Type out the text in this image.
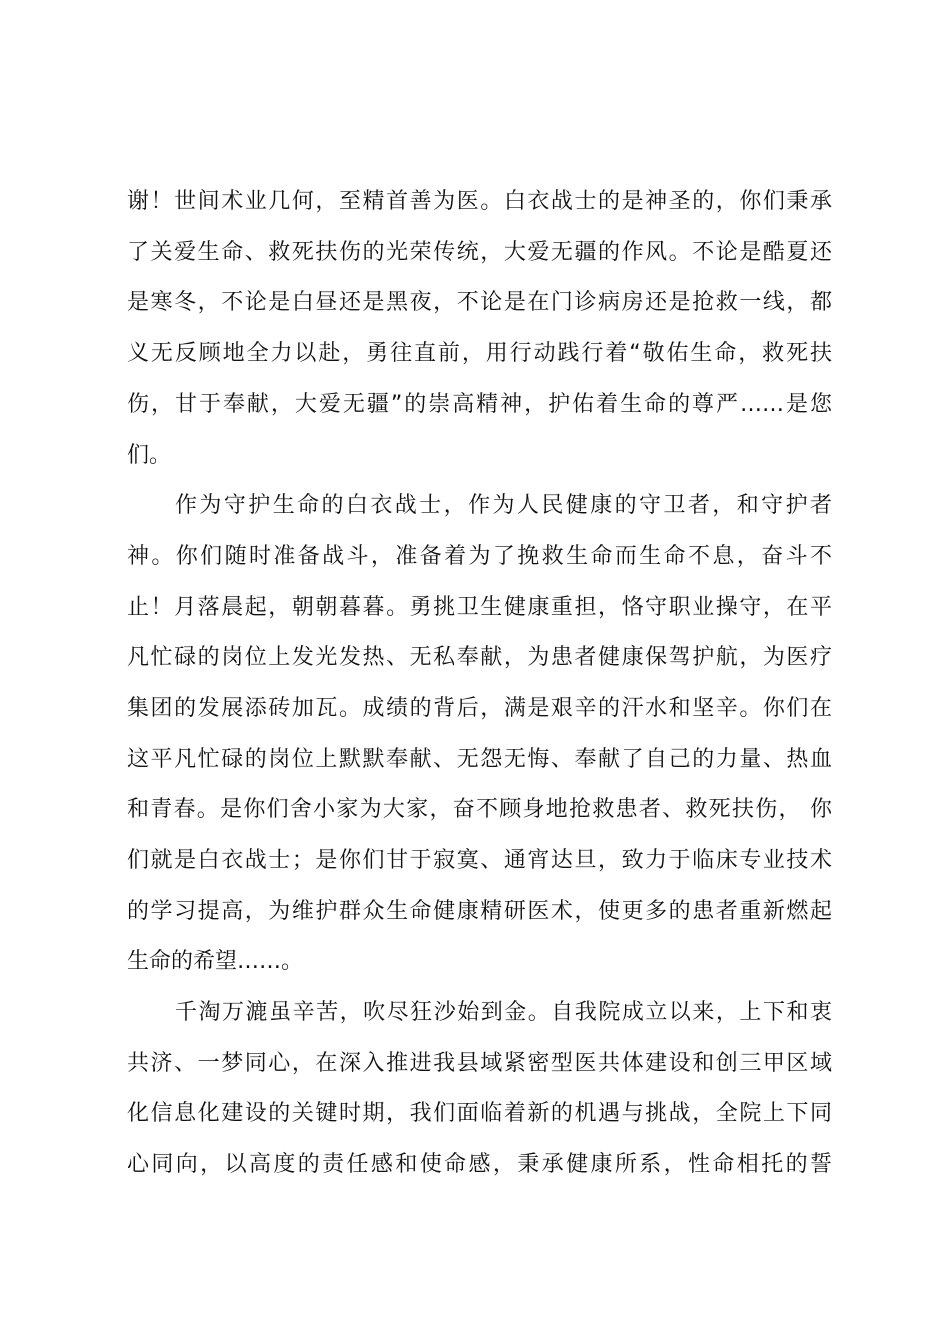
谢！世间术业几何，至精首善为医。白衣战士的是神圣的，你们秉承
了关爱生命、救死扶伤的光荣传统，大爱无疆的作风。不论是酷夏还
是寒冬，不论是白昼还是黑夜，不论是在门诊病房还是抢救一线，都
义无反顾地全力以赴，勇往直前，用行动践行着“敬佑生命，救死扶
伤，甘于奉献，大爱无疆”的崇高精神，护佑着生命的尊严……是您
们。
作为守护生命的白衣战士，作为人民健康的守卫者，和守护者
神。你们随时准备战斗，准备着为了挽救生命而生命不息，奋斗不
止！月落晨起，朝朝暮暮。勇挑卫生健康重担，恪守职业操守，在平
凡忙碌的岗位上发光发热、无私奉献，为患者健康保驾护航，为医疗
集团的发展添砖加瓦。成绩的背后，满是艰辛的汗水和坚辛。你们在
这平凡忙碌的岗位上默默奉献、无怨无悔、奉献了自己的力量、热血
和青春。是你们舍小家为大家，奋不顾身地抢救患者、救死扶伤， 你
们就是白衣战士；是你们甘于寂寞、通宵达旦，致力于临床专业技术
的学习提高，为维护群众生命健康精研医术，使更多的患者重新燃起
生命的希望……。
千淘万漉虽辛苦，吹尽狂沙始到金。自我院成立以来，上下和衷
共济、一梦同心，在深入推进我县域紧密型医共体建设和创三甲区域
化信息化建设的关键时期，我们面临着新的机遇与挑战，全院上下同
心同向，以高度的责任感和使命感，秉承健康所系，性命相托的誓
